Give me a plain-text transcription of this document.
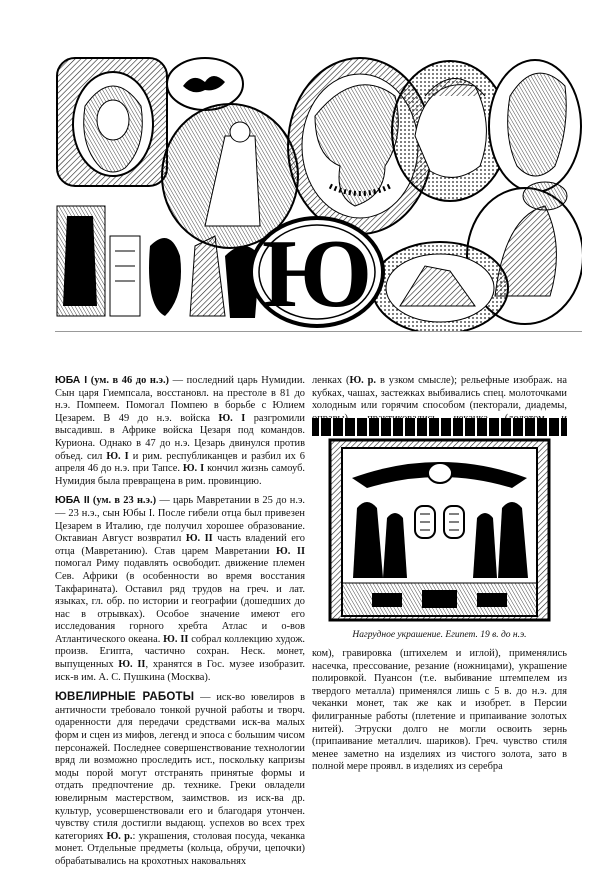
Ю

ЮБА I (ум. в 46 до н.э.) — последний царь Нумидии. Сын царя Гиемпсала, восстановл. на престоле в 81 до н.э. Помпеем. Помогал Помпею в борьбе с Юлием Цезарем. В 49 до н.э. войска Ю. I разгромили высадивш. в Африке войска Цезаря под командов. Куриона. Однако в 47 до н.э. Цезарь двинулся против объед. сил Ю. I и рим. республиканцев и разбил их 6 апреля 46 до н.э. при Тапсе. Ю. I кончил жизнь самоуб. Нумидия была превращена в рим. провинцию.

ЮБА II (ум. в 23 н.э.) — царь Мавретании в 25 до н.э. — 23 н.э., сын Юбы I. После гибели отца был привезен Цезарем в Италию, где получил хорошее образование. Октавиан Август возвратил Ю. II часть владений его отца (Мавретанию). Став царем Мавретании Ю. II помогал Риму подавлять освободит. движение племен Сев. Африки (в особенности во время восстания Такфарината). Оставил ряд трудов на греч. и лат. языках, гл. обр. по истории и географии (дошедших до нас в отрывках). Особое значение имеют его исследования горного хребта Атлас и о-вов Атлантического океана. Ю. II собрал коллекцию худож. произв. Египта, частично сохран. Неск. монет, выпущенных Ю. II, хранятся в Гос. музее изобразит. иск-в им. А. С. Пушкина (Москва).

ЮВЕЛИРНЫЕ РАБОТЫ — иск-во ювелиров в античности требовало тонкой ручной работы и творч. одаренности для передачи средствами иск-ва малых форм и сцен из мифов, легенд и эпоса с большим чисом персонажей. Последнее совершенствование технологии вряд ли возможно проследить ист., поскольку капризы моды порой могут отстранять принятые формы и отдать предпочтение др. технике. Греки овладели ювелирным мастерством, заимствов. из иск-ва др. культур, усовершенствовали его и благодаря утончен. чувству стиля достигли выдающ. успехов во всех трех категориях Ю. р.: украшения, столовая посуда, чеканка монет. Отдельные предметы (кольца, обручи, цепочки) обрабатывались на крохотных наковальнях

ленках (Ю. р. в узком смысле); рельефные изображ. на кубках, чашах, застежках выбивались спец. молоточками холодным или горячим способом (пекторали, диадемы,

Нагрудное украшение. Египет. 19 в. до н.э.

ком), гравировка (штихелем и иглой), применялись насечка, прессование, резание (ножницами), украшение полировкой. Пуансон (т.е. выбивание штемпелем из твердого металла) применялся лишь с 5 в. до н.э. для чеканки монет, так же как и изобрет. в Персии филигранные работы (плетение и припаивание золотых нитей). Этруски долго не могли освоить зернь (припаивание металлич. шариков). Греч. чувство стиля менее заметно на изделиях из чистого золота, зато в полной мере проявл. в изделиях из серебра
